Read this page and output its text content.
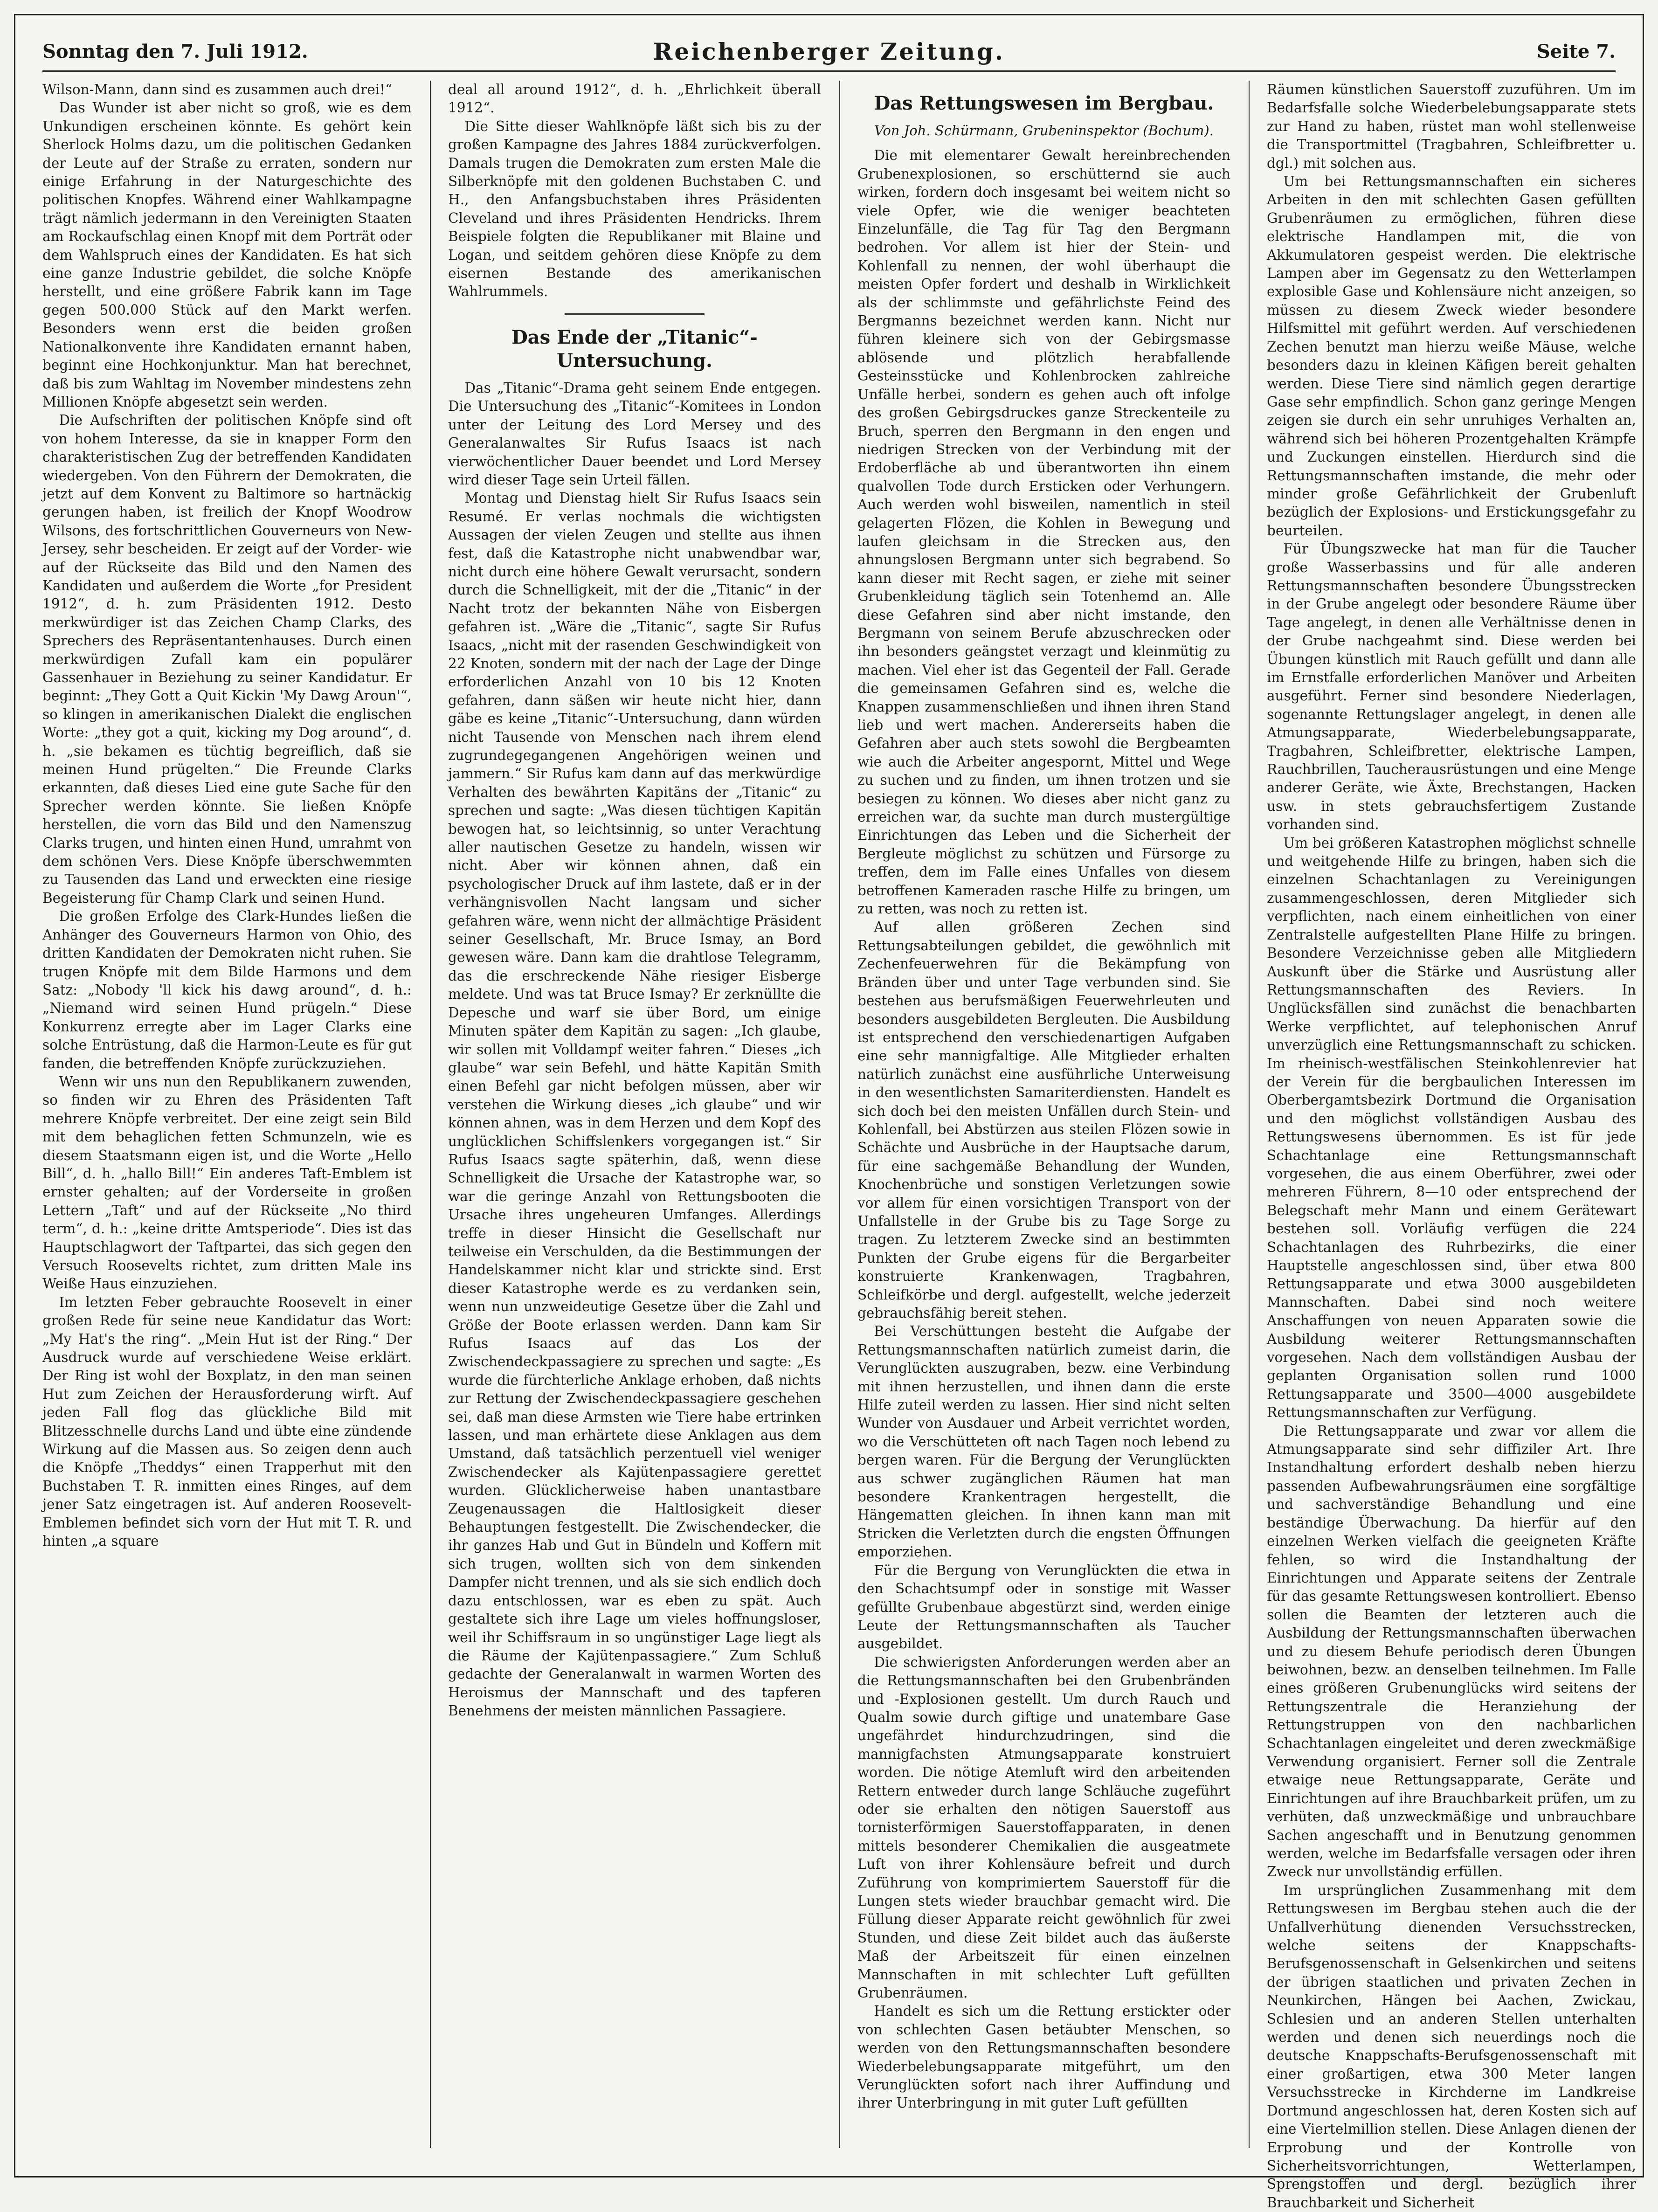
Sonntag den 7. Juli 1912.	Reichenberger Zeitung.	Seite 7.

Wilson-Mann, dann sind es zusammen auch drei!“

Das Wunder ist aber nicht so groß, wie es dem Unkundigen erscheinen könnte. Es gehört kein Sherlock Holms dazu, um die politischen Gedanken der Leute auf der Straße zu erraten, sondern nur einige Erfahrung in der Naturgeschichte des politischen Knopfes. Während einer Wahlkampagne trägt nämlich jedermann in den Vereinigten Staaten am Rockaufschlag einen Knopf mit dem Porträt oder dem Wahlspruch eines der Kandidaten. Es hat sich eine ganze Industrie gebildet, die solche Knöpfe herstellt, und eine größere Fabrik kann im Tage gegen 500.000 Stück auf den Markt werfen. Besonders wenn erst die beiden großen Nationalkonvente ihre Kandidaten ernannt haben, beginnt eine Hochkonjunktur. Man hat berechnet, daß bis zum Wahltag im November mindestens zehn Millionen Knöpfe abgesetzt sein werden.

Die Aufschriften der politischen Knöpfe sind oft von hohem Interesse, da sie in knapper Form den charakteristischen Zug der betreffenden Kandidaten wiedergeben. Von den Führern der Demokraten, die jetzt auf dem Konvent zu Baltimore so hartnäckig gerungen haben, ist freilich der Knopf Woodrow Wilsons, des fortschrittlichen Gouverneurs von New-Jersey, sehr bescheiden. Er zeigt auf der Vorder- wie auf der Rückseite das Bild und den Namen des Kandidaten und außerdem die Worte „for President 1912“, d. h. zum Präsidenten 1912. Desto merkwürdiger ist das Zeichen Champ Clarks, des Sprechers des Repräsentantenhauses. Durch einen merkwürdigen Zufall kam ein populärer Gassenhauer in Beziehung zu seiner Kandidatur. Er beginnt: „They Gott a Quit Kickin 'My Dawg Aroun'“, so klingen in amerikanischen Dialekt die englischen Worte: „they got a quit, kicking my Dog around“, d. h. „sie bekamen es tüchtig begreiflich, daß sie meinen Hund prügelten.“ Die Freunde Clarks erkannten, daß dieses Lied eine gute Sache für den Sprecher werden könnte. Sie ließen Knöpfe herstellen, die vorn das Bild und den Namenszug Clarks trugen, und hinten einen Hund, umrahmt von dem schönen Vers. Diese Knöpfe überschwemmten zu Tausenden das Land und erweckten eine riesige Begeisterung für Champ Clark und seinen Hund.

Die großen Erfolge des Clark-Hundes ließen die Anhänger des Gouverneurs Harmon von Ohio, des dritten Kandidaten der Demokraten nicht ruhen. Sie trugen Knöpfe mit dem Bilde Harmons und dem Satz: „Nobody 'll kick his dawg around“, d. h.: „Niemand wird seinen Hund prügeln.“ Diese Konkurrenz erregte aber im Lager Clarks eine solche Entrüstung, daß die Harmon-Leute es für gut fanden, die betreffenden Knöpfe zurückzuziehen.

Wenn wir uns nun den Republikanern zuwenden, so finden wir zu Ehren des Präsidenten Taft mehrere Knöpfe verbreitet. Der eine zeigt sein Bild mit dem behaglichen fetten Schmunzeln, wie es diesem Staatsmann eigen ist, und die Worte „Hello Bill“, d. h. „hallo Bill!“ Ein anderes Taft-Emblem ist ernster gehalten; auf der Vorderseite in großen Lettern „Taft“ und auf der Rückseite „No third term“, d. h.: „keine dritte Amtsperiode“. Dies ist das Hauptschlagwort der Taftpartei, das sich gegen den Versuch Roosevelts richtet, zum dritten Male ins Weiße Haus einzuziehen.

Im letzten Feber gebrauchte Roosevelt in einer großen Rede für seine neue Kandidatur das Wort: „My Hat's the ring“. „Mein Hut ist der Ring.“ Der Ausdruck wurde auf verschiedene Weise erklärt. Der Ring ist wohl der Boxplatz, in den man seinen Hut zum Zeichen der Herausforderung wirft. Auf jeden Fall flog das glückliche Bild mit Blitzesschnelle durchs Land und übte eine zündende Wirkung auf die Massen aus. So zeigen denn auch die Knöpfe „Theddys“ einen Trapperhut mit den Buchstaben T. R. inmitten eines Ringes, auf dem jener Satz eingetragen ist. Auf anderen Roosevelt-Emblemen befindet sich vorn der Hut mit T. R. und hinten „a square

deal all around 1912“, d. h. „Ehrlichkeit überall 1912“.

Die Sitte dieser Wahlknöpfe läßt sich bis zu der großen Kampagne des Jahres 1884 zurückverfolgen. Damals trugen die Demokraten zum ersten Male die Silberknöpfe mit den goldenen Buchstaben C. und H., den Anfangsbuchstaben ihres Präsidenten Cleveland und ihres Präsidenten Hendricks. Ihrem Beispiele folgten die Republikaner mit Blaine und Logan, und seitdem gehören diese Knöpfe zu dem eisernen Bestande des amerikanischen Wahlrummels.

Das Ende der „Titanic“-Untersuchung.

Das „Titanic“-Drama geht seinem Ende entgegen. Die Untersuchung des „Titanic“-Komitees in London unter der Leitung des Lord Mersey und des Generalanwaltes Sir Rufus Isaacs ist nach vierwöchentlicher Dauer beendet und Lord Mersey wird dieser Tage sein Urteil fällen.

Montag und Dienstag hielt Sir Rufus Isaacs sein Resumé. Er verlas nochmals die wichtigsten Aussagen der vielen Zeugen und stellte aus ihnen fest, daß die Katastrophe nicht unabwendbar war, nicht durch eine höhere Gewalt verursacht, sondern durch die Schnelligkeit, mit der die „Titanic“ in der Nacht trotz der bekannten Nähe von Eisbergen gefahren ist. „Wäre die „Titanic“, sagte Sir Rufus Isaacs, „nicht mit der rasenden Geschwindigkeit von 22 Knoten, sondern mit der nach der Lage der Dinge erforderlichen Anzahl von 10 bis 12 Knoten gefahren, dann säßen wir heute nicht hier, dann gäbe es keine „Titanic“-Untersuchung, dann würden nicht Tausende von Menschen nach ihrem elend zugrundegegangenen Angehörigen weinen und jammern.“ Sir Rufus kam dann auf das merkwürdige Verhalten des bewährten Kapitäns der „Titanic“ zu sprechen und sagte: „Was diesen tüchtigen Kapitän bewogen hat, so leichtsinnig, so unter Verachtung aller nautischen Gesetze zu handeln, wissen wir nicht. Aber wir können ahnen, daß ein psychologischer Druck auf ihm lastete, daß er in der verhängnisvollen Nacht langsam und sicher gefahren wäre, wenn nicht der allmächtige Präsident seiner Gesellschaft, Mr. Bruce Ismay, an Bord gewesen wäre. Dann kam die drahtlose Telegramm, das die erschreckende Nähe riesiger Eisberge meldete. Und was tat Bruce Ismay? Er zerknüllte die Depesche und warf sie über Bord, um einige Minuten später dem Kapitän zu sagen: „Ich glaube, wir sollen mit Volldampf weiter fahren.“ Dieses „ich glaube“ war sein Befehl, und hätte Kapitän Smith einen Befehl gar nicht befolgen müssen, aber wir verstehen die Wirkung dieses „ich glaube“ und wir können ahnen, was in dem Herzen und dem Kopf des unglücklichen Schiffslenkers vorgegangen ist.“ Sir Rufus Isaacs sagte späterhin, daß, wenn diese Schnelligkeit die Ursache der Katastrophe war, so war die geringe Anzahl von Rettungsbooten die Ursache ihres ungeheuren Umfanges. Allerdings treffe in dieser Hinsicht die Gesellschaft nur teilweise ein Verschulden, da die Bestimmungen der Handelskammer nicht klar und strickte sind. Erst dieser Katastrophe werde es zu verdanken sein, wenn nun unzweideutige Gesetze über die Zahl und Größe der Boote erlassen werden. Dann kam Sir Rufus Isaacs auf das Los der Zwischendeckpassagiere zu sprechen und sagte: „Es wurde die fürchterliche Anklage erhoben, daß nichts zur Rettung der Zwischendeckpassagiere geschehen sei, daß man diese Armsten wie Tiere habe ertrinken lassen, und man erhärtete diese Anklagen aus dem Umstand, daß tatsächlich perzentuell viel weniger Zwischendecker als Kajütenpassagiere gerettet wurden. Glücklicherweise haben unantastbare Zeugenaussagen die Haltlosigkeit dieser Behauptungen festgestellt. Die Zwischendecker, die ihr ganzes Hab und Gut in Bündeln und Koffern mit sich trugen, wollten sich von dem sinkenden Dampfer nicht trennen, und als sie sich endlich doch dazu entschlossen, war es eben zu spät. Auch gestaltete sich ihre Lage um vieles hoffnungsloser, weil ihr Schiffsraum in so ungünstiger Lage liegt als die Räume der Kajütenpassagiere.“ Zum Schluß gedachte der Generalanwalt in warmen Worten des Heroismus der Mannschaft und des tapferen Benehmens der meisten männlichen Passagiere.

Das Rettungswesen im Bergbau.
Von Joh. Schürmann, Grubeninspektor (Bochum).

Die mit elementarer Gewalt hereinbrechenden Grubenexplosionen, so erschütternd sie auch wirken, fordern doch insgesamt bei weitem nicht so viele Opfer, wie die weniger beachteten Einzelunfälle, die Tag für Tag den Bergmann bedrohen. Vor allem ist hier der Stein- und Kohlenfall zu nennen, der wohl überhaupt die meisten Opfer fordert und deshalb in Wirklichkeit als der schlimmste und gefährlichste Feind des Bergmanns bezeichnet werden kann. Nicht nur führen kleinere sich von der Gebirgsmasse ablösende und plötzlich herabfallende Gesteinsstücke und Kohlenbrocken zahlreiche Unfälle herbei, sondern es gehen auch oft infolge des großen Gebirgsdruckes ganze Streckenteile zu Bruch, sperren den Bergmann in den engen und niedrigen Strecken von der Verbindung mit der Erdoberfläche ab und überantworten ihn einem qualvollen Tode durch Ersticken oder Verhungern. Auch werden wohl bisweilen, namentlich in steil gelagerten Flözen, die Kohlen in Bewegung und laufen gleichsam in die Strecken aus, den ahnungslosen Bergmann unter sich begrabend. So kann dieser mit Recht sagen, er ziehe mit seiner Grubenkleidung täglich sein Totenhemd an. Alle diese Gefahren sind aber nicht imstande, den Bergmann von seinem Berufe abzuschrecken oder ihn besonders geängstet verzagt und kleinmütig zu machen. Viel eher ist das Gegenteil der Fall. Gerade die gemeinsamen Gefahren sind es, welche die Knappen zusammenschließen und ihnen ihren Stand lieb und wert machen. Andererseits haben die Gefahren aber auch stets sowohl die Bergbeamten wie auch die Arbeiter angespornt, Mittel und Wege zu suchen und zu finden, um ihnen trotzen und sie besiegen zu können. Wo dieses aber nicht ganz zu erreichen war, da suchte man durch mustergültige Einrichtungen das Leben und die Sicherheit der Bergleute möglichst zu schützen und Fürsorge zu treffen, dem im Falle eines Unfalles von diesem betroffenen Kameraden rasche Hilfe zu bringen, um zu retten, was noch zu retten ist.

Auf allen größeren Zechen sind Rettungsabteilungen gebildet, die gewöhnlich mit Zechenfeuerwehren für die Bekämpfung von Bränden über und unter Tage verbunden sind. Sie bestehen aus berufsmäßigen Feuerwehrleuten und besonders ausgebildeten Bergleuten. Die Ausbildung ist entsprechend den verschiedenartigen Aufgaben eine sehr mannigfaltige. Alle Mitglieder erhalten natürlich zunächst eine ausführliche Unterweisung in den wesentlichsten Samariterdiensten. Handelt es sich doch bei den meisten Unfällen durch Stein- und Kohlenfall, bei Abstürzen aus steilen Flözen sowie in Schächte und Ausbrüche in der Hauptsache darum, für eine sachgemäße Behandlung der Wunden, Knochenbrüche und sonstigen Verletzungen sowie vor allem für einen vorsichtigen Transport von der Unfallstelle in der Grube bis zu Tage Sorge zu tragen. Zu letzterem Zwecke sind an bestimmten Punkten der Grube eigens für die Bergarbeiter konstruierte Krankenwagen, Tragbahren, Schleifkörbe und dergl. aufgestellt, welche jederzeit gebrauchsfähig bereit stehen.

Bei Verschüttungen besteht die Aufgabe der Rettungsmannschaften natürlich zumeist darin, die Verunglückten auszugraben, bezw. eine Verbindung mit ihnen herzustellen, und ihnen dann die erste Hilfe zuteil werden zu lassen. Hier sind nicht selten Wunder von Ausdauer und Arbeit verrichtet worden, wo die Verschütteten oft nach Tagen noch lebend zu bergen waren. Für die Bergung der Verunglückten aus schwer zugänglichen Räumen hat man besondere Krankentragen hergestellt, die Hängematten gleichen. In ihnen kann man mit Stricken die Verletzten durch die engsten Öffnungen emporziehen.

Für die Bergung von Verunglückten die etwa in den Schachtsumpf oder in sonstige mit Wasser gefüllte Grubenbaue abgestürzt sind, werden einige Leute der Rettungsmannschaften als Taucher ausgebildet.

Die schwierigsten Anforderungen werden aber an die Rettungsmannschaften bei den Grubenbränden und -Explosionen gestellt. Um durch Rauch und Qualm sowie durch giftige und unatembare Gase ungefährdet hindurchzudringen, sind die mannigfachsten Atmungsapparate konstruiert worden. Die nötige Atemluft wird den arbeitenden Rettern entweder durch lange Schläuche zugeführt oder sie erhalten den nötigen Sauerstoff aus tornisterförmigen Sauerstoffapparaten, in denen mittels besonderer Chemikalien die ausgeatmete Luft von ihrer Kohlensäure befreit und durch Zuführung von komprimiertem Sauerstoff für die Lungen stets wieder brauchbar gemacht wird. Die Füllung dieser Apparate reicht gewöhnlich für zwei Stunden, und diese Zeit bildet auch das äußerste Maß der Arbeitszeit für einen einzelnen Mannschaften in mit schlechter Luft gefüllten Grubenräumen.

Handelt es sich um die Rettung erstickter oder von schlechten Gasen betäubter Menschen, so werden von den Rettungsmannschaften besondere Wiederbelebungsapparate mitgeführt, um den Verunglückten sofort nach ihrer Auffindung und ihrer Unterbringung in mit guter Luft gefüllten

Räumen künstlichen Sauerstoff zuzuführen. Um im Bedarfsfalle solche Wiederbelebungsapparate stets zur Hand zu haben, rüstet man wohl stellenweise die Transportmittel (Tragbahren, Schleifbretter u. dgl.) mit solchen aus.

Um bei Rettungsmannschaften ein sicheres Arbeiten in den mit schlechten Gasen gefüllten Grubenräumen zu ermöglichen, führen diese elektrische Handlampen mit, die von Akkumulatoren gespeist werden. Die elektrische Lampen aber im Gegensatz zu den Wetterlampen explosible Gase und Kohlensäure nicht anzeigen, so müssen zu diesem Zweck wieder besondere Hilfsmittel mit geführt werden. Auf verschiedenen Zechen benutzt man hierzu weiße Mäuse, welche besonders dazu in kleinen Käfigen bereit gehalten werden. Diese Tiere sind nämlich gegen derartige Gase sehr empfindlich. Schon ganz geringe Mengen zeigen sie durch ein sehr unruhiges Verhalten an, während sich bei höheren Prozentgehalten Krämpfe und Zuckungen einstellen. Hierdurch sind die Rettungsmannschaften imstande, die mehr oder minder große Gefährlichkeit der Grubenluft bezüglich der Explosions- und Erstickungsgefahr zu beurteilen.

Für Übungszwecke hat man für die Taucher große Wasserbassins und für alle anderen Rettungsmannschaften besondere Übungsstrecken in der Grube angelegt oder besondere Räume über Tage angelegt, in denen alle Verhältnisse denen in der Grube nachgeahmt sind. Diese werden bei Übungen künstlich mit Rauch gefüllt und dann alle im Ernstfalle erforderlichen Manöver und Arbeiten ausgeführt. Ferner sind besondere Niederlagen, sogenannte Rettungslager angelegt, in denen alle Atmungsapparate, Wiederbelebungsapparate, Tragbahren, Schleifbretter, elektrische Lampen, Rauchbrillen, Taucherausrüstungen und eine Menge anderer Geräte, wie Äxte, Brechstangen, Hacken usw. in stets gebrauchsfertigem Zustande vorhanden sind.

Um bei größeren Katastrophen möglichst schnelle und weitgehende Hilfe zu bringen, haben sich die einzelnen Schachtanlagen zu Vereinigungen zusammengeschlossen, deren Mitglieder sich verpflichten, nach einem einheitlichen von einer Zentralstelle aufgestellten Plane Hilfe zu bringen. Besondere Verzeichnisse geben alle Mitgliedern Auskunft über die Stärke und Ausrüstung aller Rettungsmannschaften des Reviers. In Unglücksfällen sind zunächst die benachbarten Werke verpflichtet, auf telephonischen Anruf unverzüglich eine Rettungsmannschaft zu schicken. Im rheinisch-westfälischen Steinkohlenrevier hat der Verein für die bergbaulichen Interessen im Oberbergamtsbezirk Dortmund die Organisation und den möglichst vollständigen Ausbau des Rettungswesens übernommen. Es ist für jede Schachtanlage eine Rettungsmannschaft vorgesehen, die aus einem Oberführer, zwei oder mehreren Führern, 8—10 oder entsprechend der Belegschaft mehr Mann und einem Gerätewart bestehen soll. Vorläufig verfügen die 224 Schachtanlagen des Ruhrbezirks, die einer Hauptstelle angeschlossen sind, über etwa 800 Rettungsapparate und etwa 3000 ausgebildeten Mannschaften. Dabei sind noch weitere Anschaffungen von neuen Apparaten sowie die Ausbildung weiterer Rettungsmannschaften vorgesehen. Nach dem vollständigen Ausbau der geplanten Organisation sollen rund 1000 Rettungsapparate und 3500—4000 ausgebildete Rettungsmannschaften zur Verfügung.

Die Rettungsapparate und zwar vor allem die Atmungsapparate sind sehr diffiziler Art. Ihre Instandhaltung erfordert deshalb neben hierzu passenden Aufbewahrungsräumen eine sorgfältige und sachverständige Behandlung und eine beständige Überwachung. Da hierfür auf den einzelnen Werken vielfach die geeigneten Kräfte fehlen, so wird die Instandhaltung der Einrichtungen und Apparate seitens der Zentrale für das gesamte Rettungswesen kontrolliert. Ebenso sollen die Beamten der letzteren auch die Ausbildung der Rettungsmannschaften überwachen und zu diesem Behufe periodisch deren Übungen beiwohnen, bezw. an denselben teilnehmen. Im Falle eines größeren Grubenunglücks wird seitens der Rettungszentrale die Heranziehung der Rettungstruppen von den nachbarlichen Schachtanlagen eingeleitet und deren zweckmäßige Verwendung organisiert. Ferner soll die Zentrale etwaige neue Rettungsapparate, Geräte und Einrichtungen auf ihre Brauchbarkeit prüfen, um zu verhüten, daß unzweckmäßige und unbrauchbare Sachen angeschafft und in Benutzung genommen werden, welche im Bedarfsfalle versagen oder ihren Zweck nur unvollständig erfüllen.

Im ursprünglichen Zusammenhang mit dem Rettungswesen im Bergbau stehen auch die der Unfallverhütung dienenden Versuchsstrecken, welche seitens der Knappschafts-Berufsgenossenschaft in Gelsenkirchen und seitens der übrigen staatlichen und privaten Zechen in Neunkirchen, Hängen bei Aachen, Zwickau, Schlesien und an anderen Stellen unterhalten werden und denen sich neuerdings noch die deutsche Knappschafts-Berufsgenossenschaft mit einer großartigen, etwa 300 Meter langen Versuchsstrecke in Kirchderne im Landkreise Dortmund angeschlossen hat, deren Kosten sich auf eine Viertelmillion stellen. Diese Anlagen dienen der Erprobung und der Kontrolle von Sicherheitsvorrichtungen, Wetterlampen, Sprengstoffen und dergl. bezüglich ihrer Brauchbarkeit und Sicherheit
